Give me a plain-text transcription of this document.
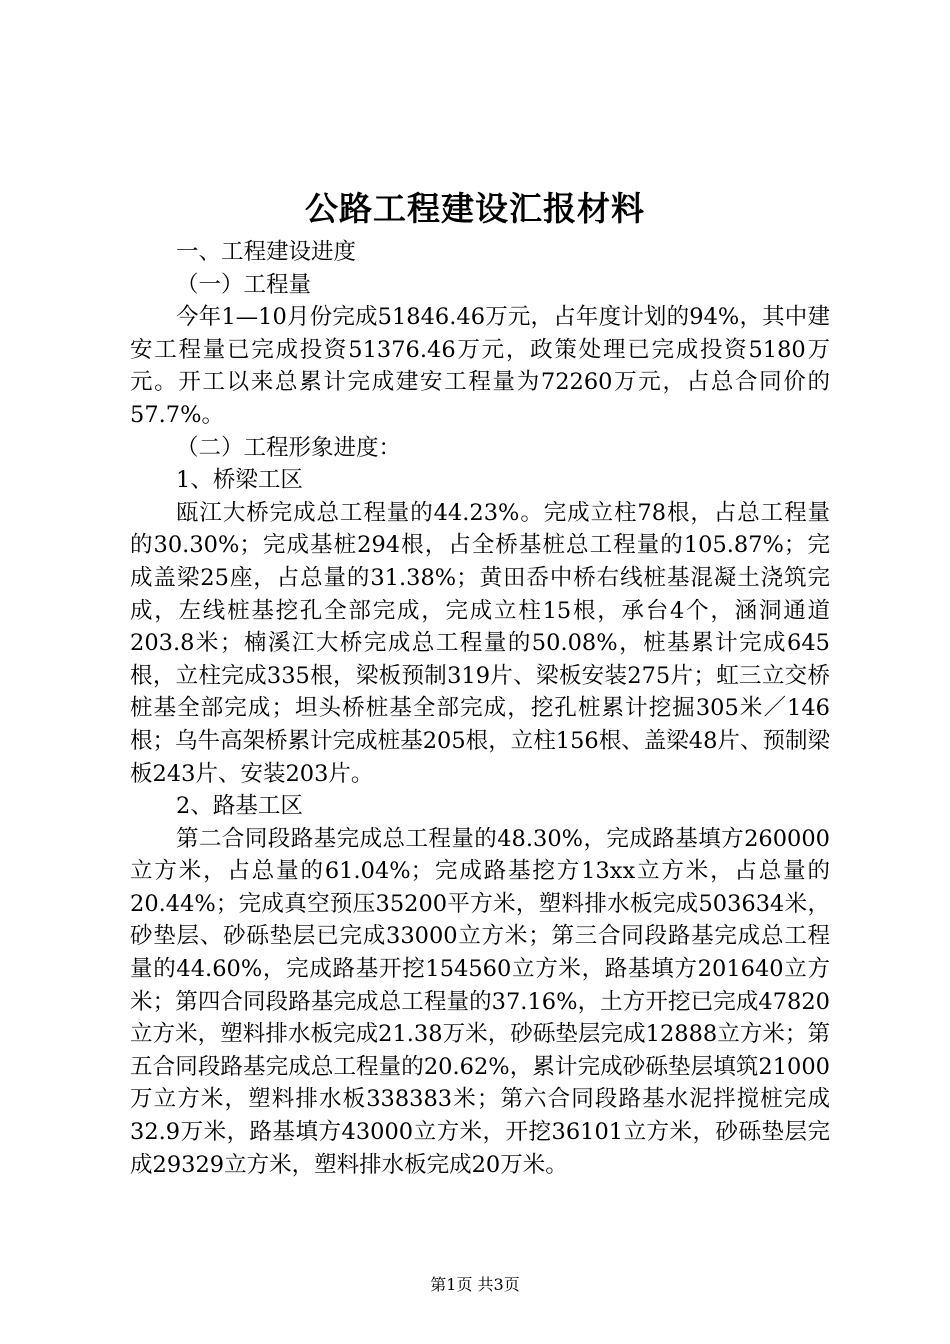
公路工程建设汇报材料

一、工程建设进度

（一）工程量

今年1—10月份完成51846.46万元，占年度计划的94%，其中建安工程量已完成投资51376.46万元，政策处理已完成投资5180万元。开工以来总累计完成建安工程量为72260万元，占总合同价的57.7%。

（二）工程形象进度：

1、桥梁工区

瓯江大桥完成总工程量的44.23%。完成立柱78根，占总工程量的30.30%；完成基桩294根，占全桥基桩总工程量的105.87%；完成盖梁25座，占总量的31.38%；黄田岙中桥右线桩基混凝土浇筑完成，左线桩基挖孔全部完成，完成立柱15根，承台4个，涵洞通道203.8米；楠溪江大桥完成总工程量的50.08%，桩基累计完成645根，立柱完成335根，梁板预制319片、梁板安装275片；虹三立交桥桩基全部完成；坦头桥桩基全部完成，挖孔桩累计挖掘305米／146根；乌牛高架桥累计完成桩基205根，立柱156根、盖梁48片、预制梁板243片、安装203片。

2、路基工区

第二合同段路基完成总工程量的48.30%，完成路基填方260000立方米，占总量的61.04%；完成路基挖方13xx立方米，占总量的20.44%；完成真空预压35200平方米，塑料排水板完成503634米，砂垫层、砂砾垫层已完成33000立方米；第三合同段路基完成总工程量的44.60%，完成路基开挖154560立方米，路基填方201640立方米；第四合同段路基完成总工程量的37.16%，土方开挖已完成47820立方米，塑料排水板完成21.38万米，砂砾垫层完成12888立方米；第五合同段路基完成总工程量的20.62%，累计完成砂砾垫层填筑21000万立方米，塑料排水板338383米；第六合同段路基水泥拌搅桩完成32.9万米，路基填方43000立方米，开挖36101立方米，砂砾垫层完成29329立方米，塑料排水板完成20万米。

第1页 共3页
